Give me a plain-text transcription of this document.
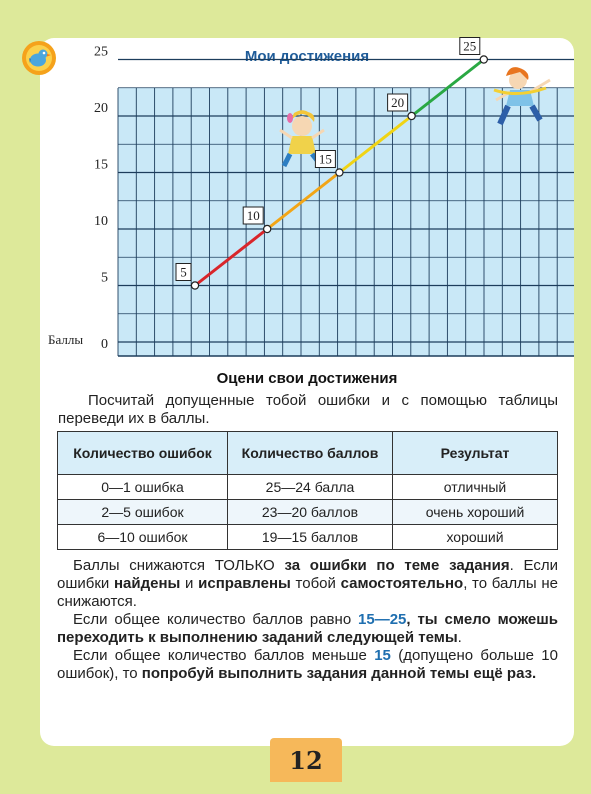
Мои достижения
0
5
10
15
20
25
Баллы
5
10
15
20
25
Оцени свои достижения
Посчитай допущенные тобой ошибки и с помощью таблицы переведи их в баллы.
Количество ошибок	Количество баллов	Результат
0—1 ошибка	25—24 балла	отличный
2—5 ошибок	23—20 баллов	очень хороший
6—10 ошибок	19—15 баллов	хороший

Баллы снижаются ТОЛЬКО за ошибки по теме задания. Если ошибки найдены и исправлены тобой самостоятельно, то баллы не снижаются.

Если общее количество баллов равно 15—25, ты смело можешь переходить к выполнению заданий следующей темы.

Если общее количество баллов меньше 15 (допущено больше 10 ошибок), то попробуй выполнить задания данной темы ещё раз.

12
